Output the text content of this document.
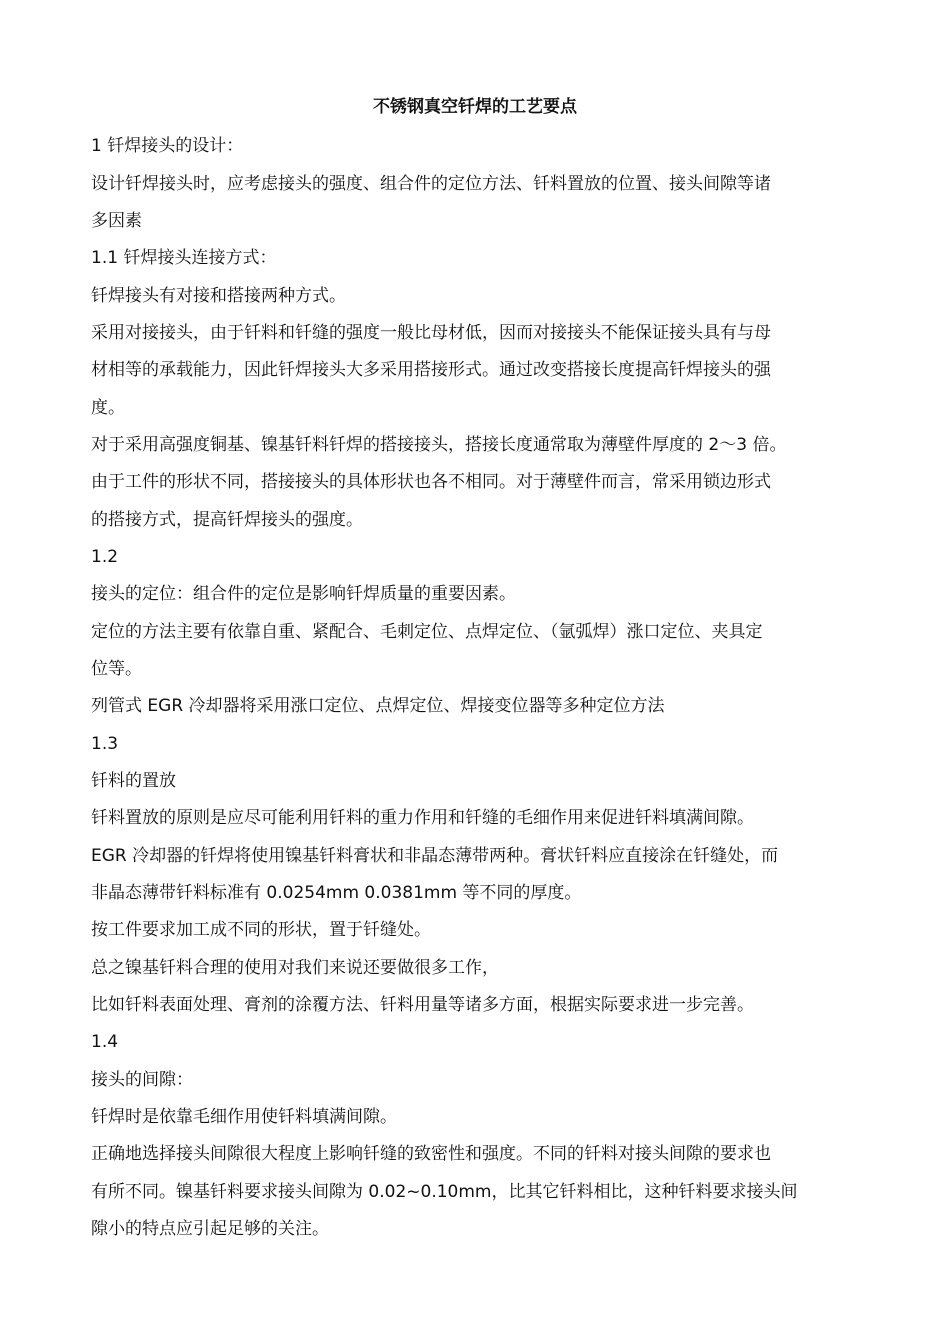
不锈钢真空钎焊的工艺要点
1 钎焊接头的设计：
设计钎焊接头时，应考虑接头的强度、组合件的定位方法、钎料置放的位置、接头间隙等诸
多因素
1.1 钎焊接头连接方式：
钎焊接头有对接和搭接两种方式。
采用对接接头，由于钎料和钎缝的强度一般比母材低，因而对接接头不能保证接头具有与母
材相等的承载能力，因此钎焊接头大多采用搭接形式。通过改变搭接长度提高钎焊接头的强
度。
对于采用高强度铜基、镍基钎料钎焊的搭接接头，搭接长度通常取为薄壁件厚度的 2～3 倍。
由于工件的形状不同，搭接接头的具体形状也各不相同。对于薄壁件而言，常采用锁边形式
的搭接方式，提高钎焊接头的强度。
1.2
接头的定位：组合件的定位是影响钎焊质量的重要因素。
定位的方法主要有依靠自重、紧配合、毛刺定位、点焊定位、（氩弧焊）涨口定位、夹具定
位等。
列管式 EGR 冷却器将采用涨口定位、点焊定位、焊接变位器等多种定位方法
1.3
钎料的置放
钎料置放的原则是应尽可能利用钎料的重力作用和钎缝的毛细作用来促进钎料填满间隙。
EGR 冷却器的钎焊将使用镍基钎料膏状和非晶态薄带两种。膏状钎料应直接涂在钎缝处，而
非晶态薄带钎料标准有 0.0254mm 0.0381mm 等不同的厚度。
按工件要求加工成不同的形状，置于钎缝处。
总之镍基钎料合理的使用对我们来说还要做很多工作，
比如钎料表面处理、膏剂的涂覆方法、钎料用量等诸多方面，根据实际要求进一步完善。
1.4
接头的间隙：
钎焊时是依靠毛细作用使钎料填满间隙。
正确地选择接头间隙很大程度上影响钎缝的致密性和强度。不同的钎料对接头间隙的要求也
有所不同。镍基钎料要求接头间隙为 0.02~0.10mm，比其它钎料相比，这种钎料要求接头间
隙小的特点应引起足够的关注。
